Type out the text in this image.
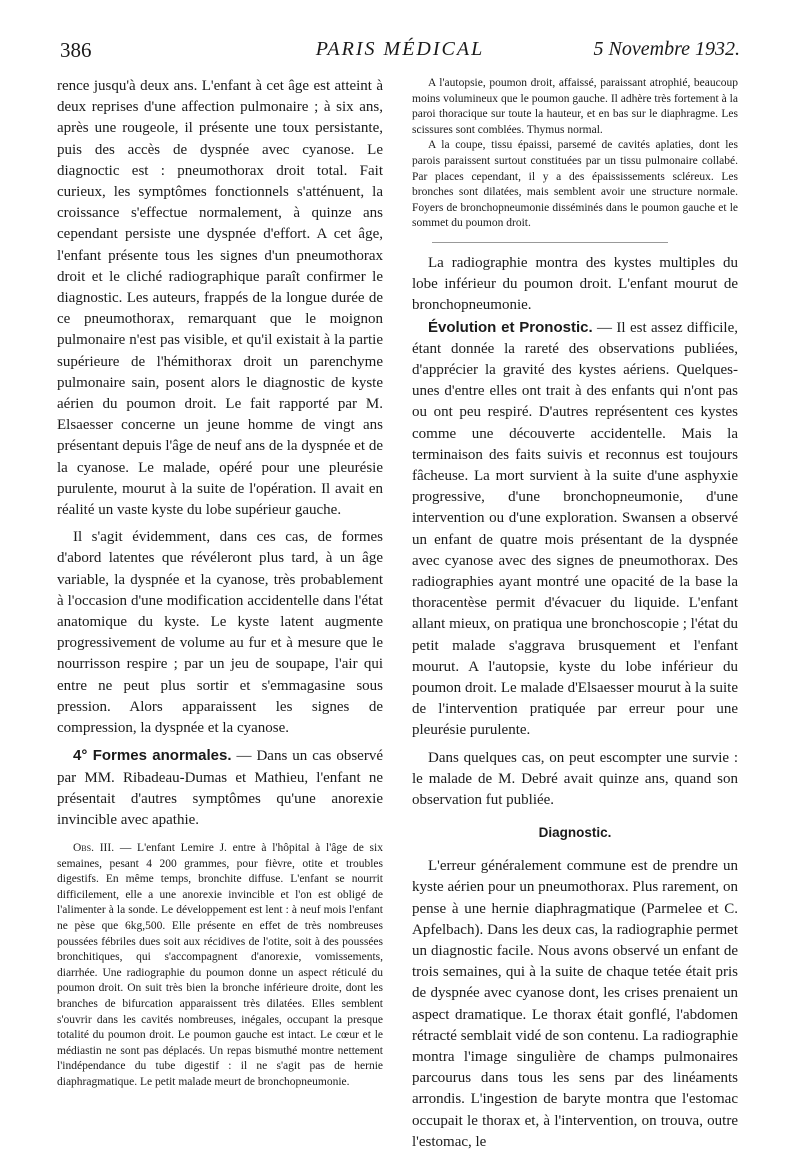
386	PARIS MÉDICAL	5 Novembre 1932.

rence jusqu'à deux ans. L'enfant à cet âge est atteint à deux reprises d'une affection pulmonaire ; à six ans, après une rougeole, il présente une toux persistante, puis des accès de dyspnée avec cyanose. Le diagnoctic est : pneumothorax droit total. Fait curieux, les symptômes fonctionnels s'atténuent, la croissance s'effectue normalement, à quinze ans cependant persiste une dyspnée d'effort. A cet âge, l'enfant présente tous les signes d'un pneumothorax droit et le cliché radiographique paraît confirmer le diagnostic. Les auteurs, frappés de la longue durée de ce pneumothorax, remarquant que le moignon pulmonaire n'est pas visible, et qu'il existait à la partie supérieure de l'hémithorax droit un parenchyme pulmonaire sain, posent alors le diagnostic de kyste aérien du poumon droit. Le fait rapporté par M. Elsaesser concerne un jeune homme de vingt ans présentant depuis l'âge de neuf ans de la dyspnée et de la cyanose. Le malade, opéré pour une pleurésie purulente, mourut à la suite de l'opération. Il avait en réalité un vaste kyste du lobe supérieur gauche.

Il s'agit évidemment, dans ces cas, de formes d'abord latentes que révéleront plus tard, à un âge variable, la dyspnée et la cyanose, très probablement à l'occasion d'une modification accidentelle dans l'état anatomique du kyste. Le kyste latent augmente progressivement de volume au fur et à mesure que le nourrisson respire ; par un jeu de soupape, l'air qui entre ne peut plus sortir et s'emmagasine sous pression. Alors apparaissent les signes de compression, la dyspnée et la cyanose.

4° Formes anormales. — Dans un cas observé par MM. Ribadeau-Dumas et Mathieu, l'enfant ne présentait d'autres symptômes qu'une anorexie invincible avec apathie.

Obs. III. — L'enfant Lemire J. entre à l'hôpital à l'âge de six semaines, pesant 4 200 grammes, pour fièvre, otite et troubles digestifs. En même temps, bronchite diffuse. L'enfant se nourrit difficilement, elle a une anorexie invincible et l'on est obligé de l'alimenter à la sonde. Le développement est lent : à neuf mois l'enfant ne pèse que 6kg,500. Elle présente en effet de très nombreuses poussées fébriles dues soit aux récidives de l'otite, soit à des poussées bronchitiques, qui s'accompagnent d'anorexie, vomissements, diarrhée. Une radiographie du poumon donne un aspect réticulé du poumon droit. On suit très bien la bronche inférieure droite, dont les branches de bifurcation apparaissent très dilatées. Elles semblent s'ouvrir dans les cavités nombreuses, inégales, occupant la presque totalité du poumon droit. Le poumon gauche est intact. Le cœur et le médiastin ne sont pas déplacés. Un repas bismuthé montre nettement l'indépendance du tube digestif : il ne s'agit pas de hernie diaphragmatique. Le petit malade meurt de bronchopneumonie.

A l'autopsie, poumon droit, affaissé, paraissant atrophié, beaucoup moins volumineux que le poumon gauche. Il adhère très fortement à la paroi thoracique sur toute la hauteur, et en bas sur le diaphragme. Les scissures sont comblées. Thymus normal.

A la coupe, tissu épaissi, parsemé de cavités aplaties, dont les parois paraissent surtout constituées par un tissu pulmonaire collabé. Par places cependant, il y a des épaississements scléreux. Les bronches sont dilatées, mais semblent avoir une structure normale. Foyers de bronchopneumonie disséminés dans le poumon gauche et le sommet du poumon droit.

La radiographie montra des kystes multiples du lobe inférieur du poumon droit. L'enfant mourut de bronchopneumonie.

Évolution et Pronostic. — Il est assez difficile, étant donnée la rareté des observations publiées, d'apprécier la gravité des kystes aériens. Quelques-unes d'entre elles ont trait à des enfants qui n'ont pas ou ont peu respiré. D'autres représentent ces kystes comme une découverte accidentelle. Mais la terminaison des faits suivis et reconnus est toujours fâcheuse. La mort survient à la suite d'une asphyxie progressive, d'une bronchopneumonie, d'une intervention ou d'une exploration. Swansen a observé un enfant de quatre mois présentant de la dyspnée avec cyanose avec des signes de pneumothorax. Des radiographies ayant montré une opacité de la base la thoracentèse permit d'évacuer du liquide. L'enfant allant mieux, on pratiqua une bronchoscopie ; l'état du petit malade s'aggrava brusquement et l'enfant mourut. A l'autopsie, kyste du lobe inférieur du poumon droit. Le malade d'Elsaesser mourut à la suite de l'intervention pratiquée par erreur pour une pleurésie purulente.

Dans quelques cas, on peut escompter une survie : le malade de M. Debré avait quinze ans, quand son observation fut publiée.

Diagnostic.

L'erreur généralement commune est de prendre un kyste aérien pour un pneumothorax. Plus rarement, on pense à une hernie diaphragmatique (Parmelee et C. Apfelbach). Dans les deux cas, la radiographie permet un diagnostic facile. Nous avons observé un enfant de trois semaines, qui à la suite de chaque tetée était pris de dyspnée avec cyanose dont, les crises prenaient un aspect dramatique. Le thorax était gonflé, l'abdomen rétracté semblait vidé de son contenu. La radiographie montra l'image singulière de champs pulmonaires parcourus dans tous les sens par des linéaments arrondis. L'ingestion de baryte montra que l'estomac occupait le thorax et, à l'intervention, on trouva, outre l'estomac, le
